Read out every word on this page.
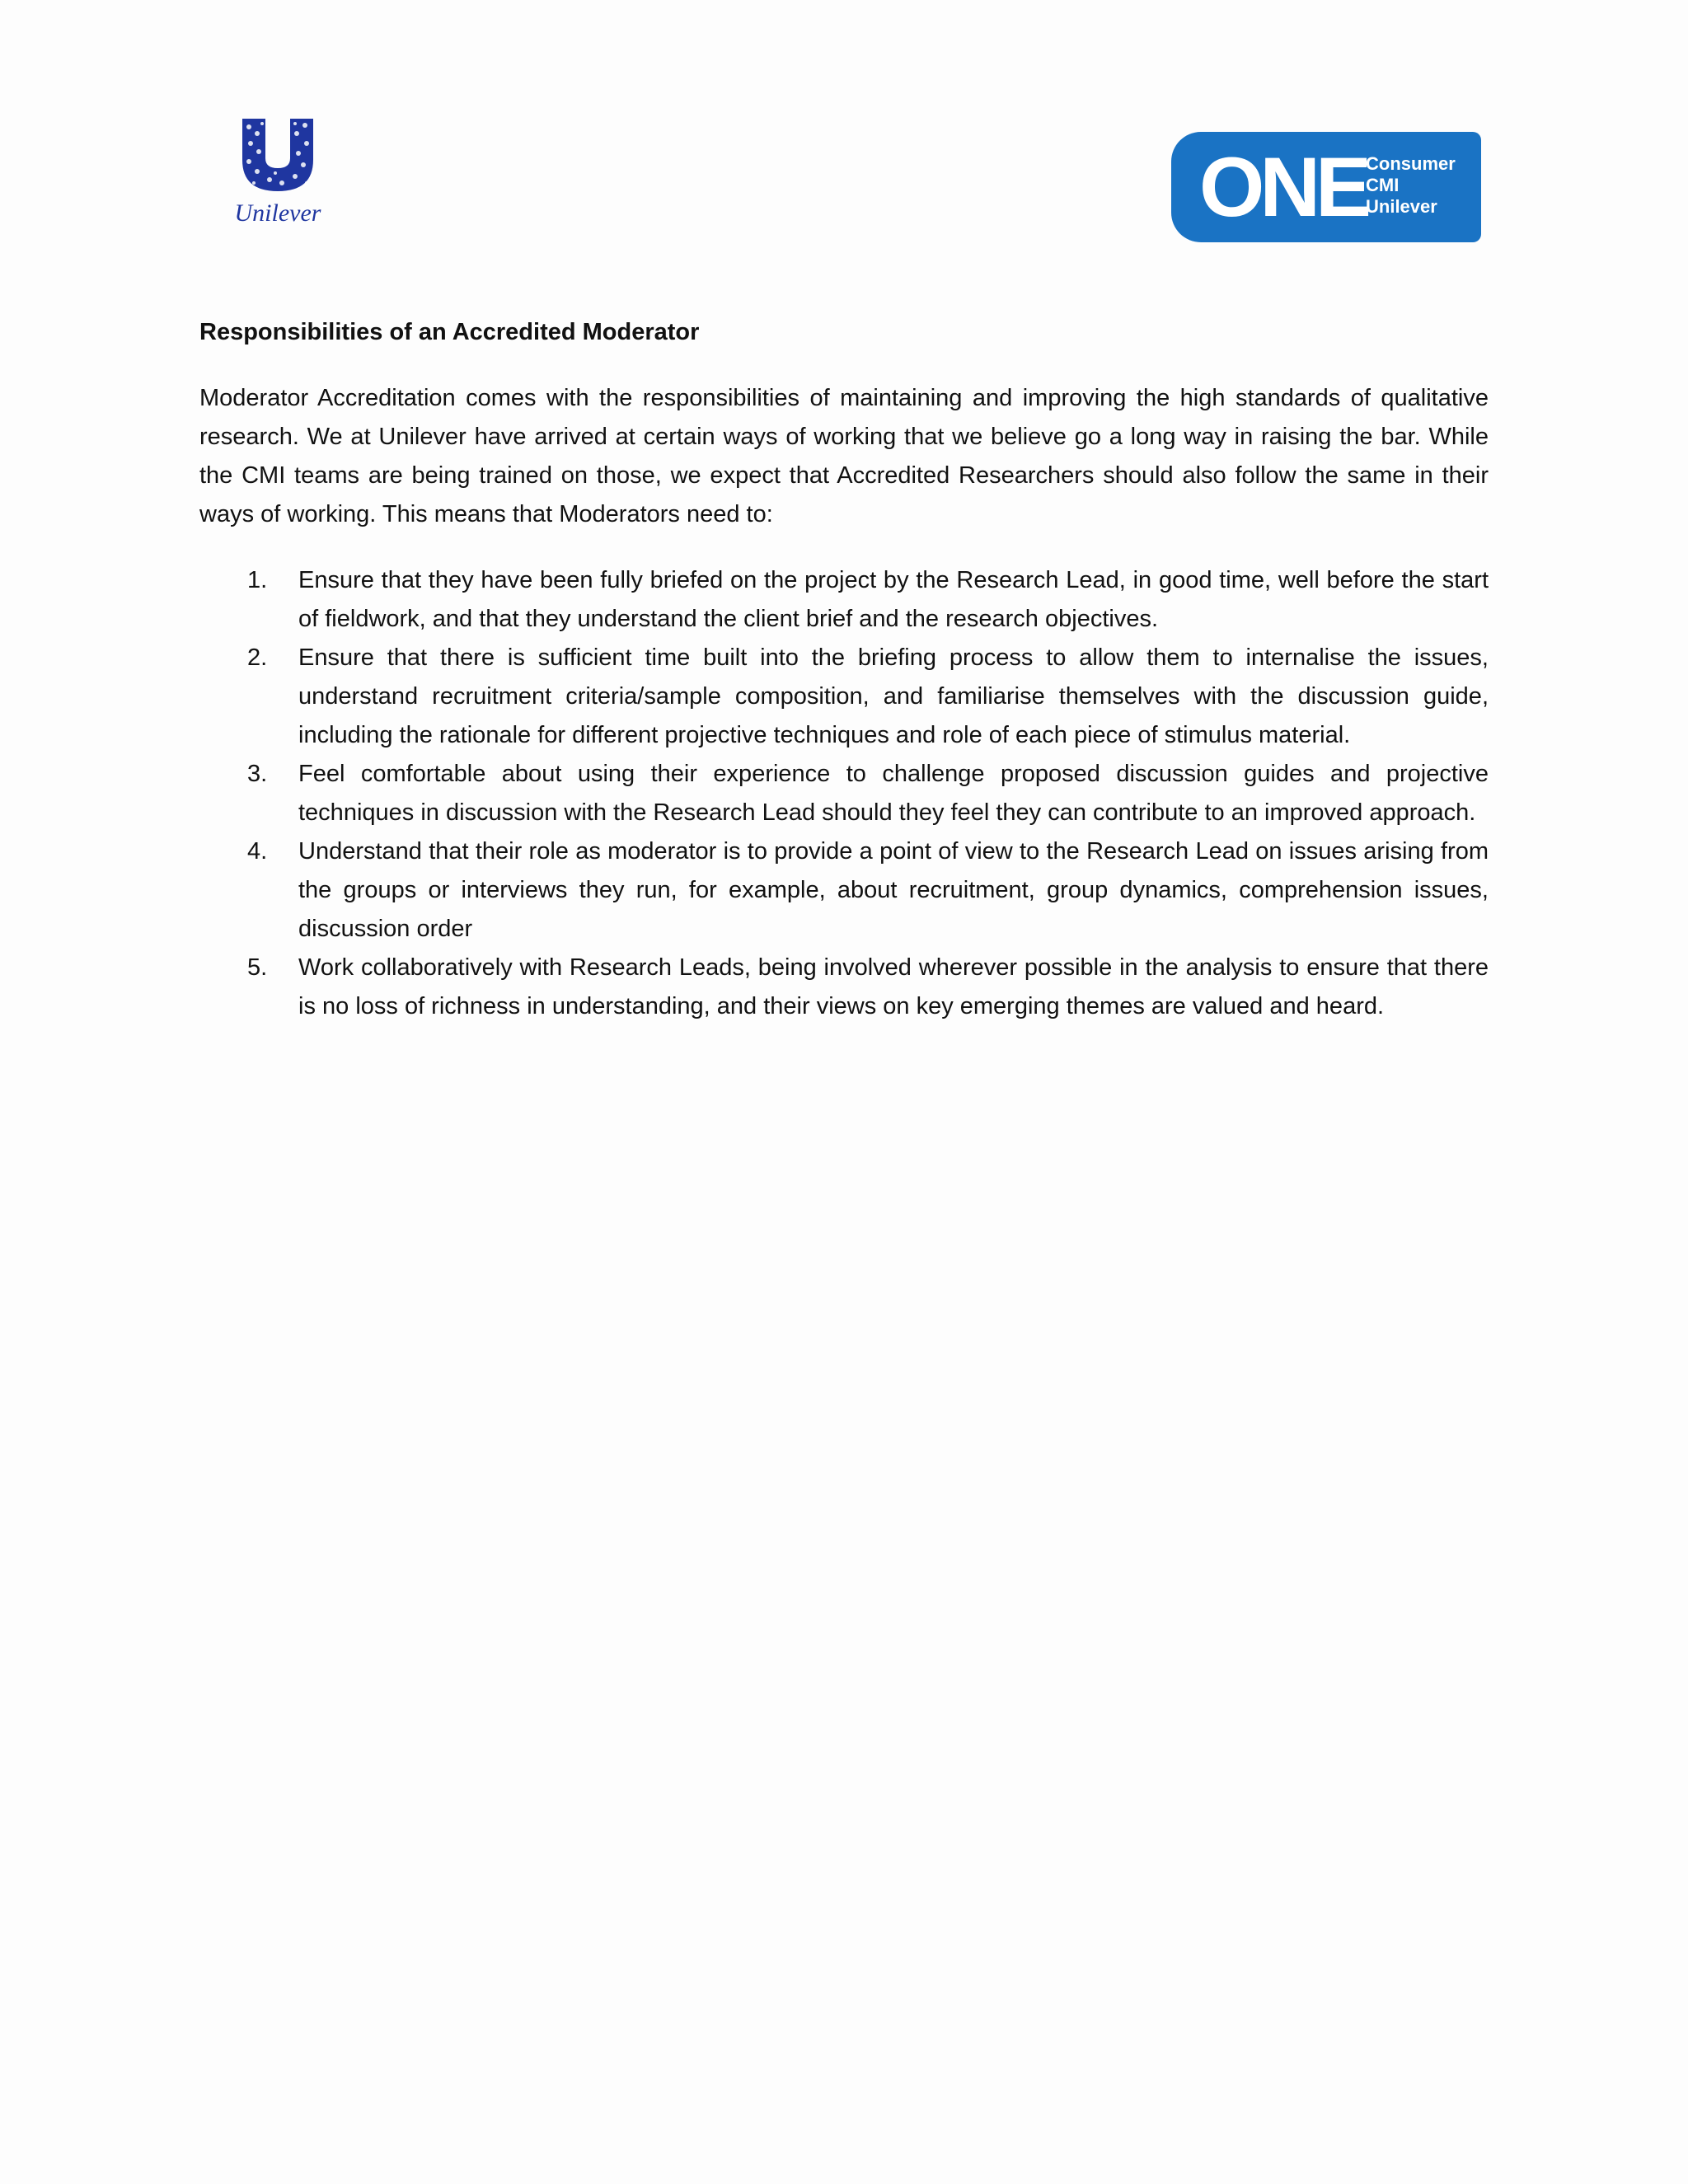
Unilever	ONE
Consumer
CMI
Unilever
Responsibilities of an Accredited Moderator

Moderator Accreditation comes with the responsibilities of maintaining and improving the high standards of qualitative research. We at Unilever have arrived at certain ways of working that we believe go a long way in raising the bar. While the CMI teams are being trained on those, we expect that Accredited Researchers should also follow the same in their ways of working. This means that Moderators need to:

1. Ensure that they have been fully briefed on the project by the Research Lead, in good time, well before the start of fieldwork, and that they understand the client brief and the research objectives.
2. Ensure that there is sufficient time built into the briefing process to allow them to internalise the issues, understand recruitment criteria/sample composition, and familiarise themselves with the discussion guide, including the rationale for different projective techniques and role of each piece of stimulus material.
3. Feel comfortable about using their experience to challenge proposed discussion guides and projective techniques in discussion with the Research Lead should they feel they can contribute to an improved approach.
4. Understand that their role as moderator is to provide a point of view to the Research Lead on issues arising from the groups or interviews they run, for example, about recruitment, group dynamics, comprehension issues, discussion order
5. Work collaboratively with Research Leads, being involved wherever possible in the analysis to ensure that there is no loss of richness in understanding, and their views on key emerging themes are valued and heard.
